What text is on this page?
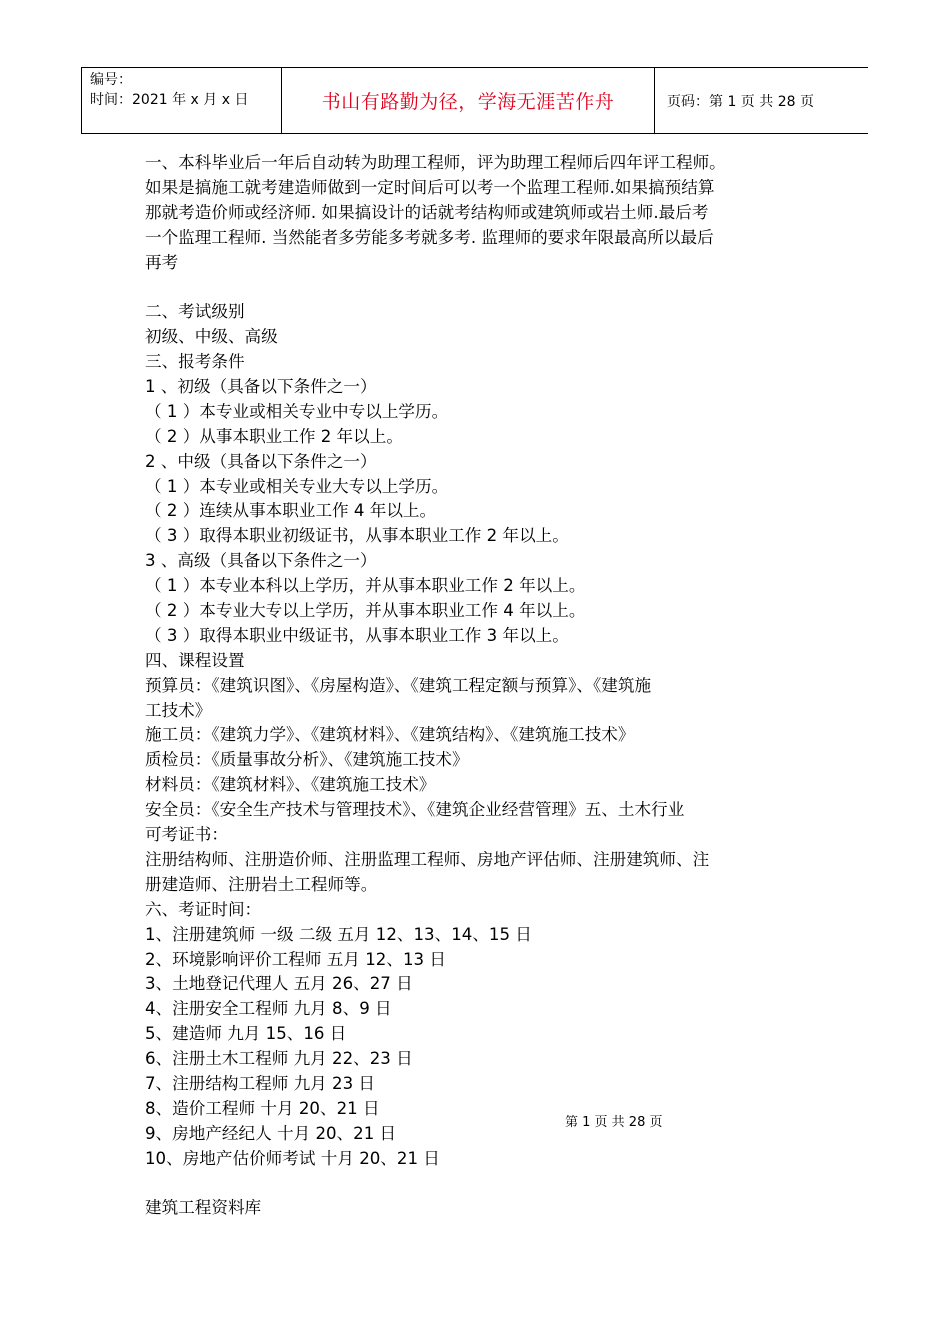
编号：
时间：2021 年 x 月 x 日	书山有路勤为径，学海无涯苦作舟	页码：第 1 页 共 28 页
一、本科毕业后一年后自动转为助理工程师，评为助理工程师后四年评工程师。
如果是搞施工就考建造师做到一定时间后可以考一个监理工程师.如果搞预结算
那就考造价师或经济师. 如果搞设计的话就考结构师或建筑师或岩土师.最后考
一个监理工程师. 当然能者多劳能多考就多考. 监理师的要求年限最高所以最后
再考
二、考试级别
初级、中级、高级
三、报考条件
1 、初级（具备以下条件之一）
（ 1 ）本专业或相关专业中专以上学历。
（ 2 ）从事本职业工作 2 年以上。
2 、中级（具备以下条件之一）
（ 1 ）本专业或相关专业大专以上学历。
（ 2 ）连续从事本职业工作 4 年以上。
（ 3 ）取得本职业初级证书，从事本职业工作 2 年以上。
3 、高级（具备以下条件之一）
（ 1 ）本专业本科以上学历，并从事本职业工作 2 年以上。
（ 2 ）本专业大专以上学历，并从事本职业工作 4 年以上。
（ 3 ）取得本职业中级证书，从事本职业工作 3 年以上。
四、课程设置
预算员：《建筑识图》、《房屋构造》、《建筑工程定额与预算》、《建筑施
工技术》
施工员：《建筑力学》、《建筑材料》、《建筑结构》、《建筑施工技术》
质检员：《质量事故分析》、《建筑施工技术》
材料员：《建筑材料》、《建筑施工技术》
安全员：《安全生产技术与管理技术》、《建筑企业经营管理》五、土木行业
可考证书：
注册结构师、注册造价师、注册监理工程师、房地产评估师、注册建筑师、注
册建造师、注册岩土工程师等。
六、考证时间：
1、注册建筑师 一级 二级 五月 12、13、14、15 日
2、环境影响评价工程师 五月 12、13 日
3、土地登记代理人 五月 26、27 日
4、注册安全工程师 九月 8、9 日
5、建造师 九月 15、16 日
6、注册土木工程师 九月 22、23 日
7、注册结构工程师 九月 23 日
8、造价工程师 十月 20、21 日
9、房地产经纪人 十月 20、21 日
10、房地产估价师考试 十月 20、21 日
建筑工程资料库
第 1 页 共 28 页
